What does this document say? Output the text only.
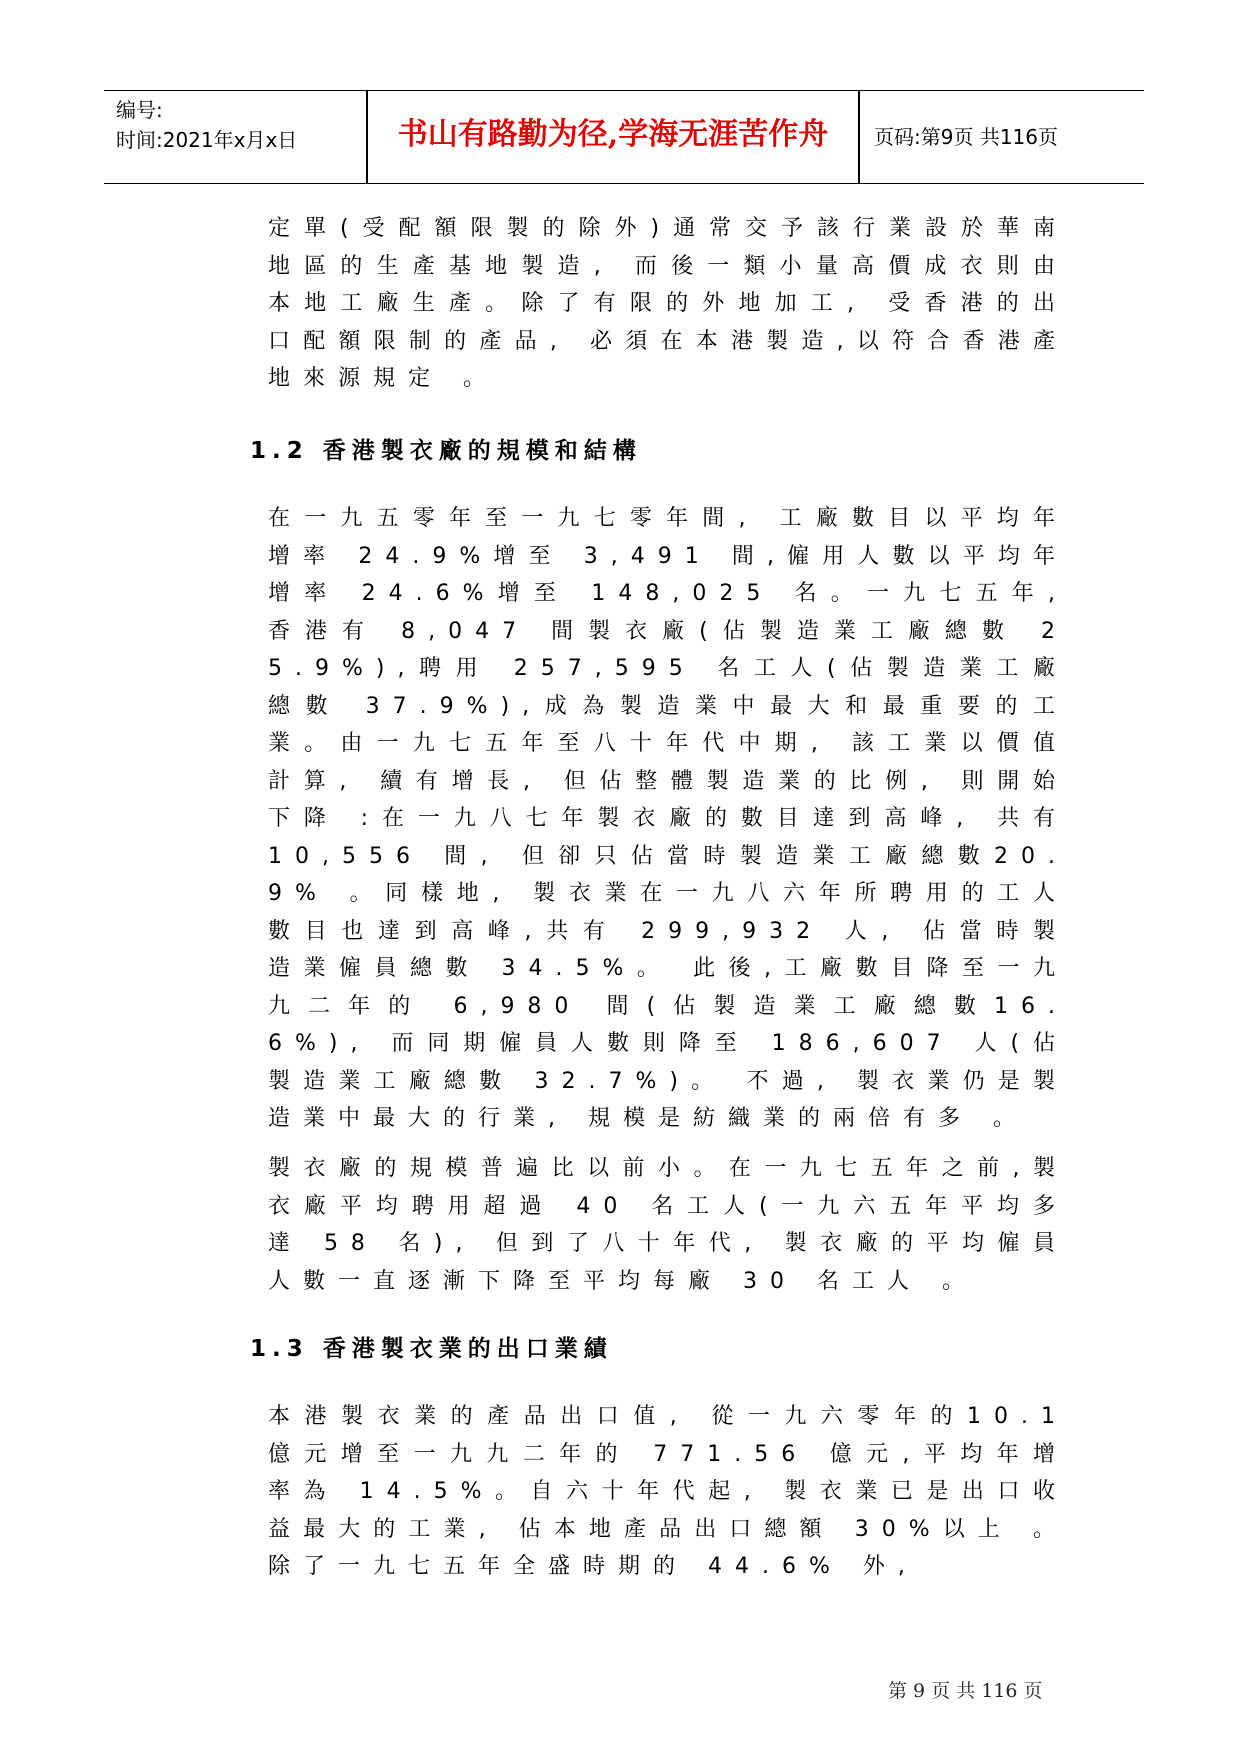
编号:
时间:2021年x月x日	书山有路勤为径,学海无涯苦作舟	页码:第9页 共116页

定單(受配額限製的除外)通常交予該行業設於華南地區的生產基地製造, 而後一類小量高價成衣則由本地工廠生產。除了有限的外地加工, 受香港的出口配額限制的產品, 必須在本港製造,以符合香港產地來源規定 。

1.2 香港製衣廠的規模和結構

在一九五零年至一九七零年間, 工廠數目以平均年增率 24.9%增至 3,491 間,僱用人數以平均年增率 24.6%增至 148,025 名。一九七五年, 香港有 8,047 間製衣廠(佔製造業工廠總數 25.9%),聘用 257,595 名工人(佔製造業工廠總數 37.9%),成為製造業中最大和最重要的工業。由一九七五年至八十年代中期, 該工業以價值計算, 續有增長, 但佔整體製造業的比例, 則開始下降 :在一九八七年製衣廠的數目達到高峰, 共有10,556 間, 但卻只佔當時製造業工廠總數20.9% 。同樣地, 製衣業在一九八六年所聘用的工人數目也達到高峰,共有 299,932 人, 佔當時製造業僱員總數 34.5%。 此後,工廠數目降至一九九二年的 6,980 間(佔製造業工廠總數16.6%), 而同期僱員人數則降至 186,607 人(佔製造業工廠總數 32.7%)。 不過, 製衣業仍是製造業中最大的行業, 規模是紡織業的兩倍有多 。

製衣廠的規模普遍比以前小。在一九七五年之前,製衣廠平均聘用超過 40 名工人(一九六五年平均多達 58 名), 但到了八十年代, 製衣廠的平均僱員人數一直逐漸下降至平均每廠 30 名工人 。

1.3 香港製衣業的出口業績

本港製衣業的產品出口值, 從一九六零年的10.1 億元增至一九九二年的 771.56 億元,平均年增率為 14.5%。自六十年代起, 製衣業已是出口收益最大的工業, 佔本地產品出口總額 30%以上 。除了一九七五年全盛時期的 44.6% 外,

第 9 页 共 116 页
